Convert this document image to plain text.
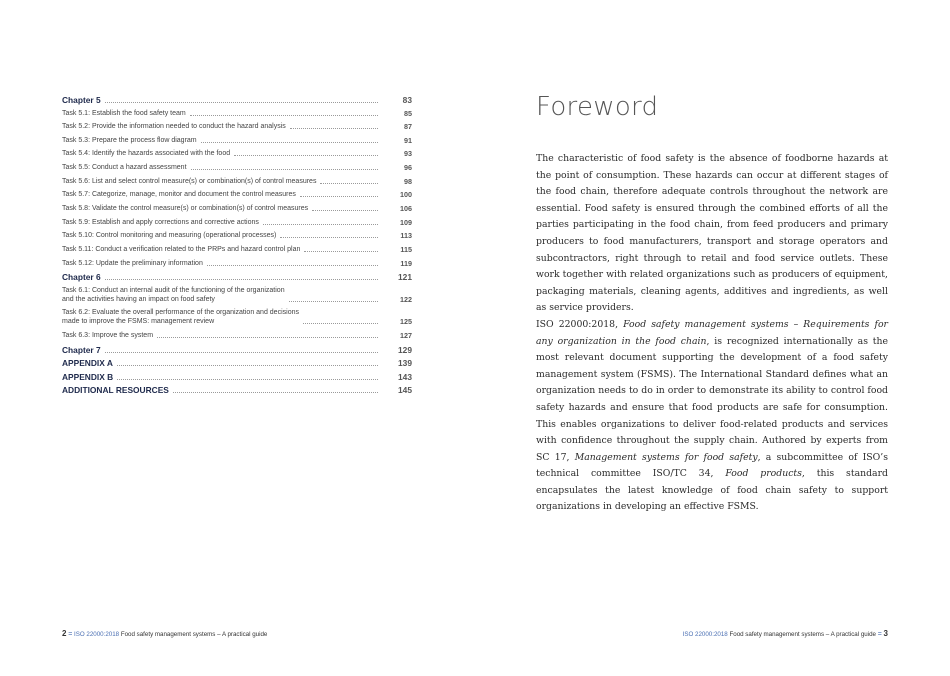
Chapter 5	83
Task 5.1: Establish the food safety team	85
Task 5.2: Provide the information needed to conduct the hazard analysis	87
Task 5.3: Prepare the process flow diagram	91
Task 5.4: Identify the hazards associated with the food	93
Task 5.5: Conduct a hazard assessment	96
Task 5.6: List and select control measure(s) or combination(s) of control measures	98
Task 5.7: Categorize, manage, monitor and document the control measures	100
Task 5.8: Validate the control measure(s) or combination(s) of control measures	106
Task 5.9: Establish and apply corrections and corrective actions	109
Task 5.10: Control monitoring and measuring (operational processes)	113
Task 5.11: Conduct a verification related to the PRPs and hazard control plan	115
Task 5.12: Update the preliminary information	119
Chapter 6	121
Task 6.1: Conduct an internal audit of the functioning of the organization
and the activities having an impact on food safety	122
Task 6.2: Evaluate the overall performance of the organization and decisions
made to improve the FSMS: management review	125
Task 6.3: Improve the system	127
Chapter 7	129
APPENDIX A	139
APPENDIX B	143
ADDITIONAL RESOURCES	145
2 = ISO 22000:2018 Food safety management systems – A practical guide
Foreword

The characteristic of food safety is the absence of foodborne hazards at the point of consumption. These hazards can occur at different stages of the food chain, therefore adequate controls throughout the network are essential. Food safety is ensured through the combined efforts of all the parties participating in the food chain, from feed producers and primary producers to food manufacturers, transport and storage operators and subcontractors, right through to retail and food service outlets. These work together with related organizations such as producers of equipment, packaging materials, cleaning agents, additives and ingredients, as well as service providers.

ISO 22000:2018, Food safety management systems – Requirements for any organization in the food chain, is recognized internationally as the most relevant document supporting the development of a food safety management system (FSMS). The International Standard defines what an organization needs to do in order to demonstrate its ability to control food safety hazards and ensure that food products are safe for consumption. This enables organizations to deliver food-related products and services with confidence throughout the supply chain. Authored by experts from SC 17, Management systems for food safety, a subcommittee of ISO’s technical committee ISO/TC 34, Food products, this standard encapsulates the latest knowledge of food chain safety to support organizations in developing an effective FSMS.

ISO 22000:2018 Food safety management systems – A practical guide = 3
